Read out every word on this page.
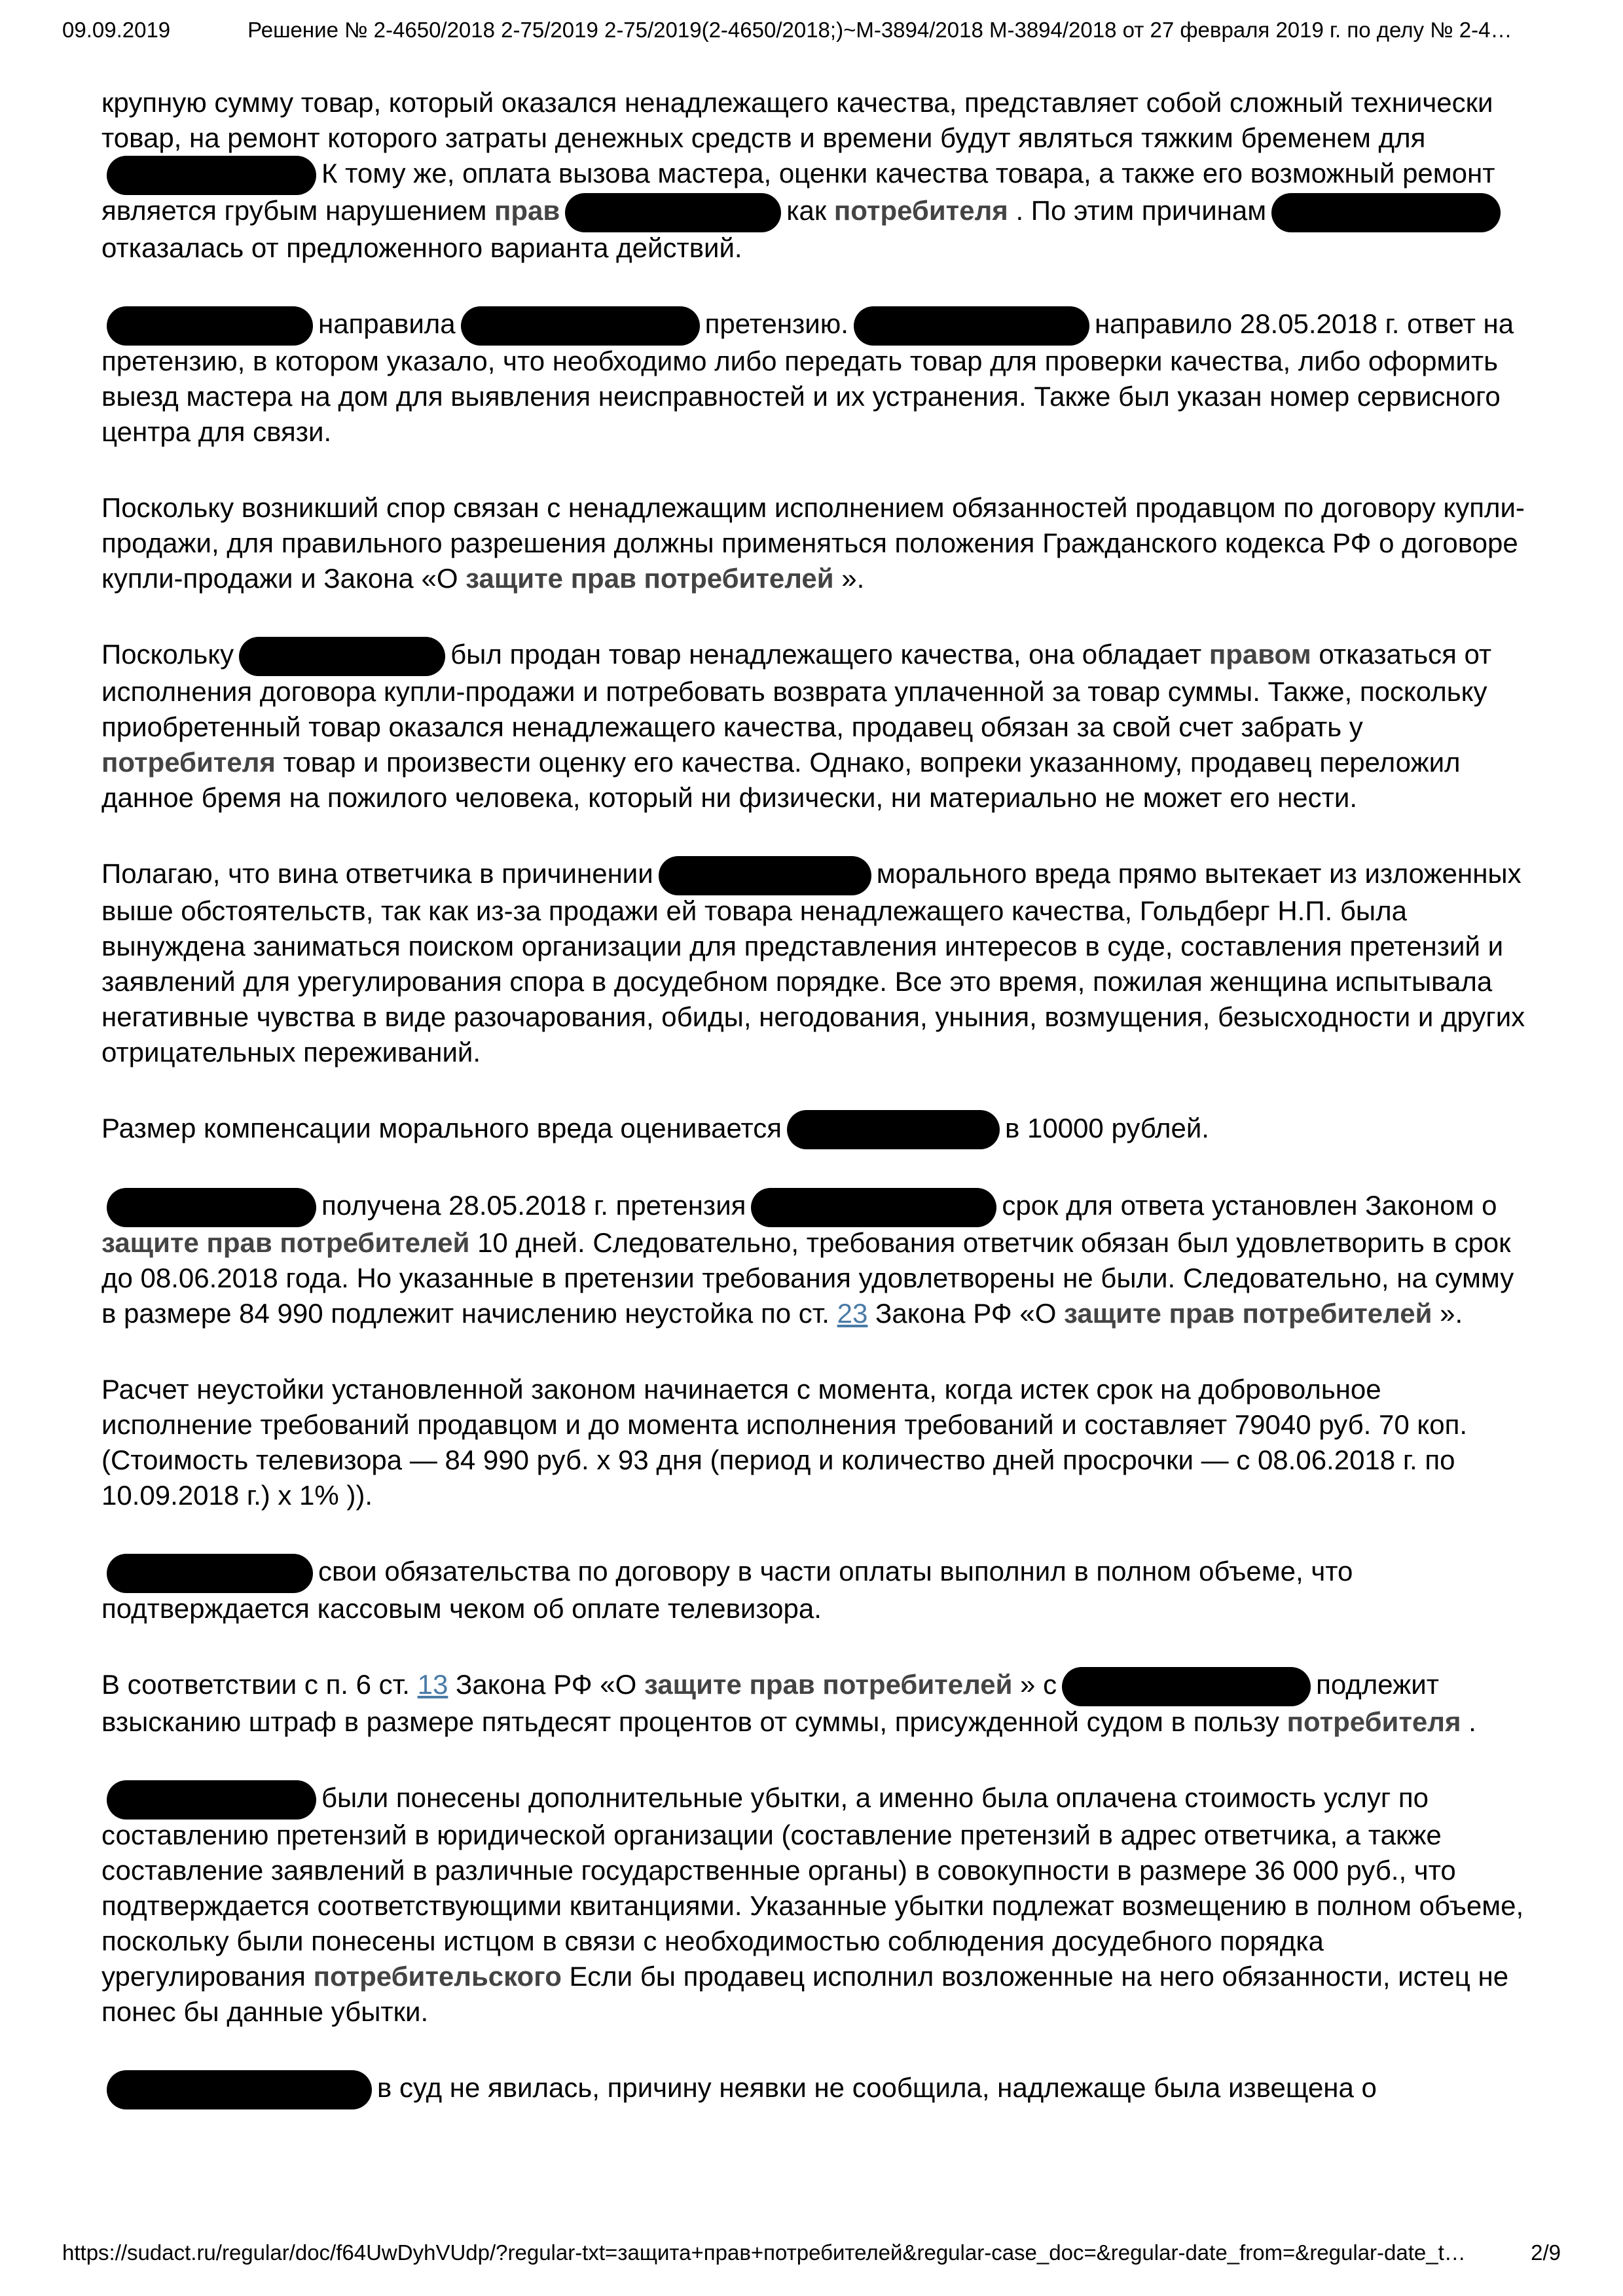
09.09.2019	Решение № 2-4650/2018 2-75/2019 2-75/2019(2-4650/2018;)~М-3894/2018 М-3894/2018 от 27 февраля 2019 г. по делу № 2-4…

крупную сумму товар, который оказался ненадлежащего качества, представляет собой сложный технически товар, на ремонт которого затраты денежных средств и времени будут являться тяжким бременем дляК тому же, оплата вызова мастера, оценки качества товара, а также его возможный ремонт является грубым нарушением прав	как потребителя . По этим причинамотказалась от предложенного варианта действий.

направила	претензию.	направило 28.05.2018 г. ответ на претензию, в котором указало, что необходимо либо передать товар для проверки качества, либо оформить выезд мастера на дом для выявления неисправностей и их устранения. Также был указан номер сервисного центра для связи.

Поскольку возникший спор связан с ненадлежащим исполнением обязанностей продавцом по договору купли-продажи, для правильного разрешения должны применяться положения Гражданского кодекса РФ о договоре купли-продажи и Закона «О защите прав потребителей ».

Поскольку	был продан товар ненадлежащего качества, она обладает правом отказаться от исполнения договора купли-продажи и потребовать возврата уплаченной за товар суммы. Также, поскольку приобретенный товар оказался ненадлежащего качества, продавец обязан за свой счет забрать у потребителя товар и произвести оценку его качества. Однако, вопреки указанному, продавец переложил данное бремя на пожилого человека, который ни физически, ни материально не может его нести.

Полагаю, что вина ответчика в причинении	морального вреда прямо вытекает из изложенных выше обстоятельств, так как из-за продажи ей товара ненадлежащего качества, Гольдберг Н.П. была вынуждена заниматься поиском организации для представления интересов в суде, составления претензий и заявлений для урегулирования спора в досудебном порядке. Все это время, пожилая женщина испытывала негативные чувства в виде разочарования, обиды, негодования, уныния, возмущения, безысходности и других отрицательных переживаний.

Размер компенсации морального вреда оценивается	в 10000 рублей.

получена 28.05.2018 г. претензия	срок для ответа установлен Законом о защите прав потребителей 10 дней. Следовательно, требования ответчик обязан был удовлетворить в срок до 08.06.2018 года. Но указанные в претензии требования удовлетворены не были. Следовательно, на сумму в размере 84 990 подлежит начислению неустойка по ст. 23 Закона РФ «О защите прав потребителей ».

Расчет неустойки установленной законом начинается с момента, когда истек срок на добровольное исполнение требований продавцом и до момента исполнения требований и составляет 79040 руб. 70 коп. (Стоимость телевизора — 84 990 руб. х 93 дня (период и количество дней просрочки — с 08.06.2018 г. по 10.09.2018 г.) х 1% )).

свои обязательства по договору в части оплаты выполнил в полном объеме, что подтверждается кассовым чеком об оплате телевизора.

В соответствии с п. 6 ст. 13 Закона РФ «О защите прав потребителей » с	подлежит взысканию штраф в размере пятьдесят процентов от суммы, присужденной судом в пользу потребителя .

были понесены дополнительные убытки, а именно была оплачена стоимость услуг по составлению претензий в юридической организации (составление претензий в адрес ответчика, а также составление заявлений в различные государственные органы) в совокупности в размере 36 000 руб., что подтверждается соответствующими квитанциями. Указанные убытки подлежат возмещению в полном объеме, поскольку были понесены истцом в связи с необходимостью соблюдения досудебного порядка урегулирования потребительского Если бы продавец исполнил возложенные на него обязанности, истец не понес бы данные убытки.

в суд не явилась, причину неявки не сообщила, надлежаще была извещена о

https://sudact.ru/regular/doc/f64UwDyhVUdp/?regular-txt=защита+прав+потребителей&regular-case_doc=&regular-date_from=&regular-date_t…	2/9
